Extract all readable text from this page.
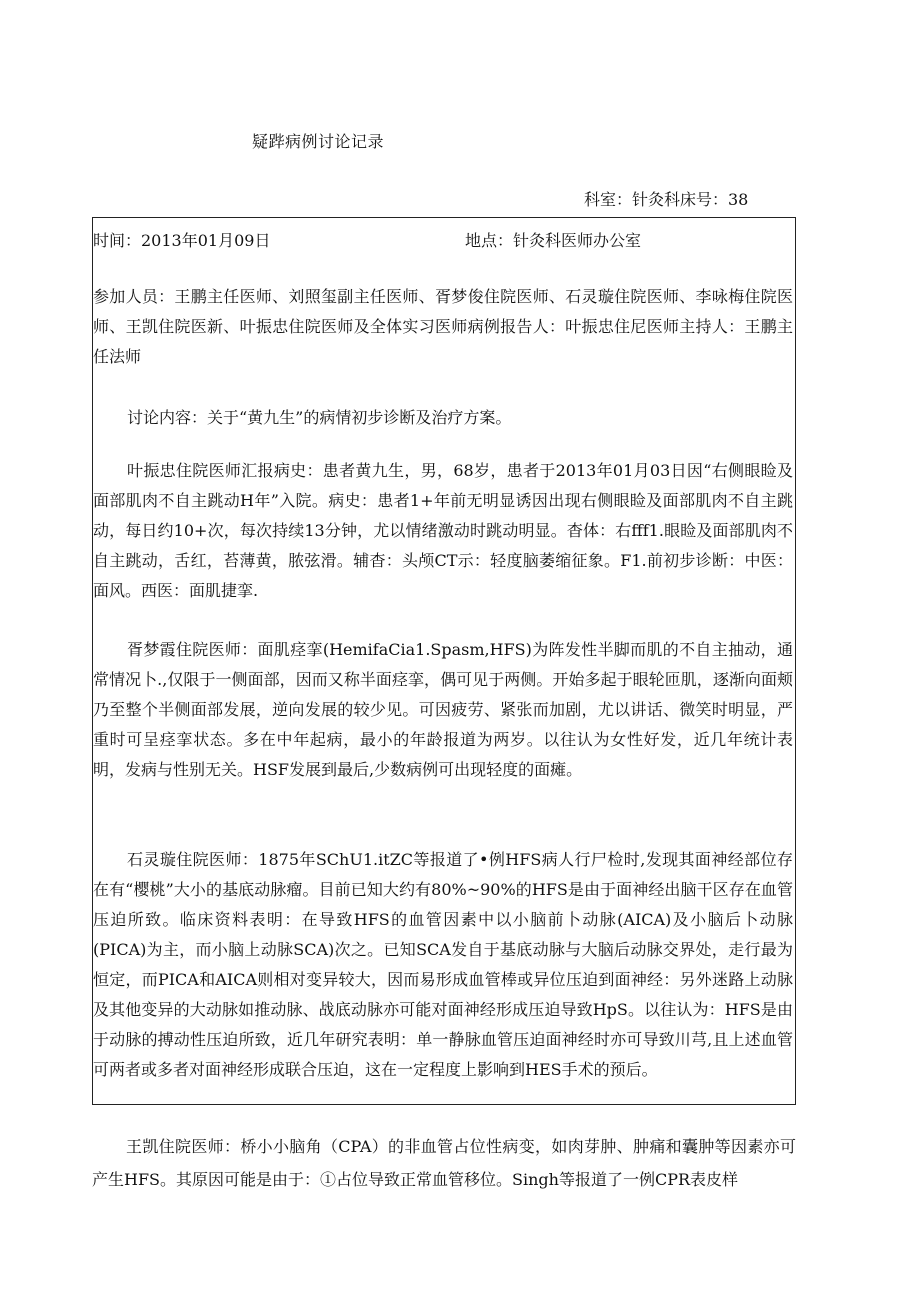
疑跸病例讨论记录

科室：针灸科床号：38

时间：2013年01月09日	地点：针灸科医师办公室

参加人员：王鹏主任医师、刘照玺副主任医师、胥梦俊住院医师、石灵璇住院医师、李咏梅住院医师、王凯住院医新、叶振忠住院医师及全体实习医师病例报告人：叶振忠住尼医师主持人：王鹏主任法师

讨论内容：关于“黄九生”的病情初步诊断及治疗方案。

叶振忠住院医师汇报病史：患者黄九生，男，68岁，患者于2013年01月03日因“右侧眼睑及面部肌肉不自主跳动H年”入院。病史：患者1+年前无明显诱因出现右侧眼睑及面部肌肉不自主跳动，每日约10+次，每次持续13分钟，尤以情绪激动时跳动明显。杳体：右fff1.眼睑及面部肌肉不自主跳动，舌红，苔薄黄，脓弦滑。辅杳：头颅CT示：轻度脑萎缩征象。F1.前初步诊断：中医：面风。西医：面肌捷挛.

胥梦霞住院医师：面肌痉挛(HemifaCia1.Spasm,HFS)为阵发性半脚而肌的不自主抽动，通常情况卜.,仅限于一侧面部，因而又称半面痉挛，偶可见于两侧。开始多起于眼轮匝肌，逐渐向面颊乃至整个半侧面部发展，逆向发展的较少见。可因疲劳、紧张而加剧，尤以讲话、微笑时明显，严重时可呈痉挛状态。多在中年起病，最小的年龄报道为两岁。以往认为女性好发，近几年统计表明，发病与性别无关。HSF发展到最后,少数病例可出现轻度的面瘫。

石灵璇住院医师：1875年SChU1.itZC等报道了•例HFS病人行尸检时,发现其面神经部位存在有“樱桃”大小的基底动脉瘤。目前已知大约有80%~90%的HFS是由于面神经出脑干区存在血管压迫所致。临床资料表明：在导致HFS的血管因素中以小脑前卜动脉(AICA)及小脑后卜动脉(PICA)为主，而小脑上动脉SCA)次之。已知SCA发自于基底动脉与大脑后动脉交界处，走行最为恒定，而PICA和AICA则相对变异较大，因而易形成血管棒或异位压迫到面神经：另外迷路上动脉及其他变异的大动脉如推动脉、战底动脉亦可能对面神经形成压迫导致HpS。以往认为：HFS是由于动脉的搏动性压迫所致，近几年研究表明：单一静脉血管压迫面神经时亦可导致川芎,且上述血管可两者或多者对面神经形成联合压迫，这在一定程度上影响到HES手术的预后。

王凯住院医师：桥小小脑角（CPA）的非血管占位性病变，如肉芽肿、肿痛和囊肿等因素亦可产生HFS。其原因可能是由于：①占位导致正常血管移位。Singh等报道了一例CPR表皮样
